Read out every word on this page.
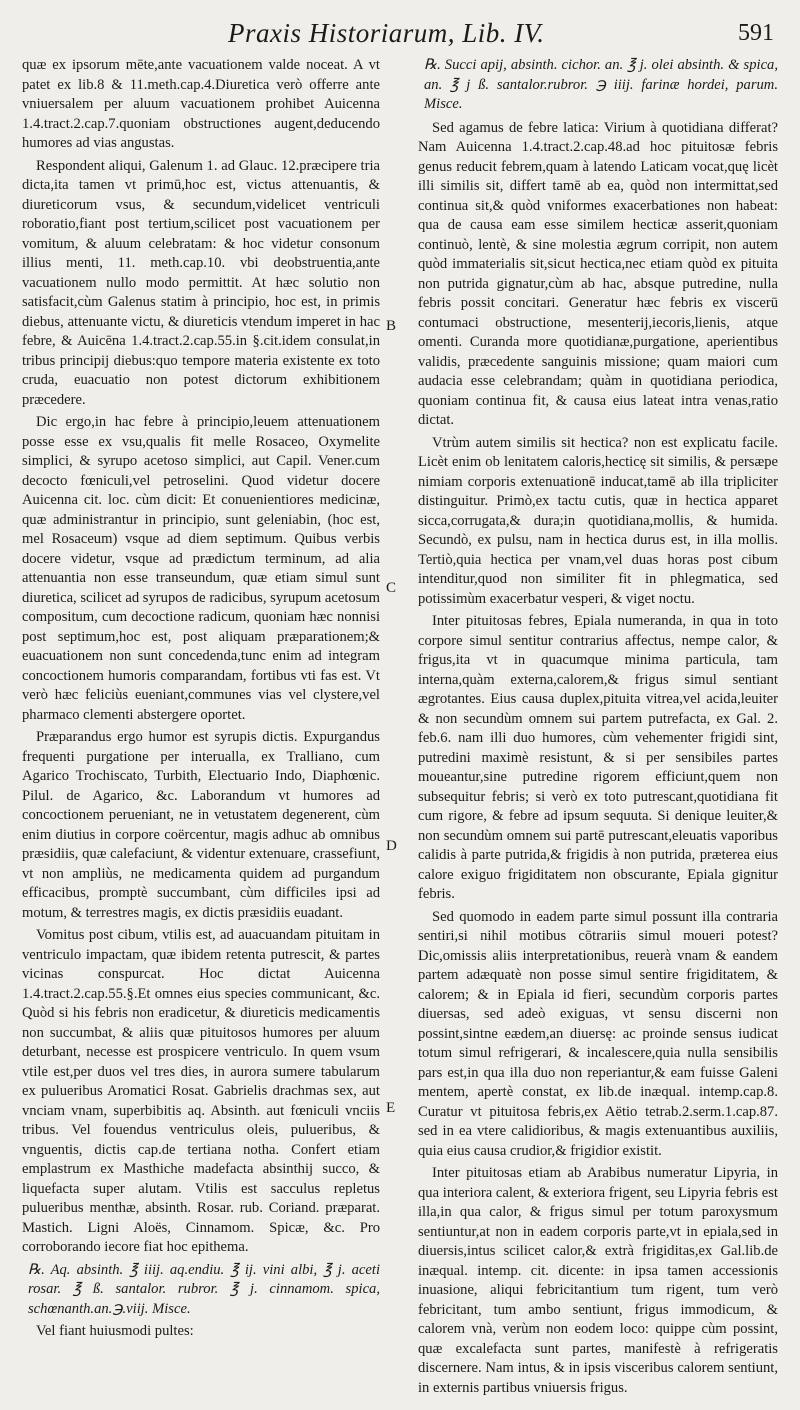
Praxis Historiarum, Lib. IV.	591

quæ ex ipsorum mēte,ante vacuationem valde noceat. A vt patet ex lib.8 & 11.meth.cap.4.Diuretica verò offerre ante vniuersalem per aluum vacuationem prohibet Auicenna 1.4.tract.2.cap.7.quoniam obstructiones augent,deducendo humores ad vias angustas.

Respondent aliqui, Galenum 1. ad Glauc. 12.præcipere tria dicta,ita tamen vt primū,hoc est, victus attenuantis, & diureticorum vsus, & secundum,videlicet ventriculi roboratio,fiant post tertium,scilicet post vacuationem per vomitum, & aluum celebratam: & hoc videtur consonum illius menti, 11. meth.cap.10. vbi deobstruentia,ante vacuationem nullo modo permittit. At hæc solutio non satisfacit,cùm Galenus statim à principio, hoc est, in primis diebus, attenuante victu, & diureticis vtendum imperet in hac febre, & Auicēna 1.4.tract.2.cap.55.in §.cit.idem consulat,in tribus principij diebus:quo tempore materia existente ex toto cruda, euacuatio non potest dictorum exhibitionem præcedere.

Dic ergo,in hac febre à principio,leuem attenuationem posse esse ex vsu,qualis fit melle Rosaceo, Oxymelite simplici, & syrupo acetoso simplici, aut Capil. Vener.cum decocto fœniculi,vel petroselini. Quod videtur docere Auicenna cit. loc. cùm dicit: Et conuenientiores medicinæ, quæ administrantur in principio, sunt geleniabin, (hoc est, mel Rosaceum) vsque ad diem septimum. Quibus verbis docere videtur, vsque ad prædictum terminum, ad alia attenuantia non esse transeundum, quæ etiam simul sunt diuretica, scilicet ad syrupos de radicibus, syrupum acetosum compositum, cum decoctione radicum, quoniam hæc nonnisi post septimum,hoc est, post aliquam præparationem;& euacuationem non sunt concedenda,tunc enim ad integram concoctionem humoris comparandam, fortibus vti fas est. Vt verò hæc feliciùs eueniant,communes vias vel clystere,vel pharmaco clementi abstergere oportet.

Præparandus ergo humor est syrupis dictis. Expurgandus frequenti purgatione per interualla, ex Tralliano, cum Agarico Trochiscato, Turbith, Electuario Indo, Diaphœnic. Pilul. de Agarico, &c. Laborandum vt humores ad concoctionem perueniant, ne in vetustatem degenerent, cùm enim diutius in corpore coërcentur, magis adhuc ab omnibus præsidiis, quæ calefaciunt, & videntur extenuare, crassefiunt, vt non ampliùs, ne medicamenta quidem ad purgandum efficacibus, promptè succumbant, cùm difficiles ipsi ad motum, & terrestres magis, ex dictis præsidiis euadant.

Vomitus post cibum, vtilis est, ad auacuandam pituitam in ventriculo impactam, quæ ibidem retenta putrescit, & partes vicinas conspurcat. Hoc dictat Auicenna 1.4.tract.2.cap.55.§.Et omnes eius species communicant, &c. Quòd si his febris non eradicetur, & diureticis medicamentis non succumbat, & aliis quæ pituitosos humores per aluum deturbant, necesse est prospicere ventriculo. In quem vsum vtile est,per duos vel tres dies, in aurora sumere tabularum ex pulueribus Aromatici Rosat. Gabrielis drachmas sex, aut vnciam vnam, superbibitis aq. Absinth. aut fœniculi vnciis tribus. Vel fouendus ventriculus oleis, pulueribus, & vnguentis, dictis cap.de tertiana notha. Confert etiam emplastrum ex Masthiche madefacta absinthij succo, & liquefacta super alutam. Vtilis est sacculus repletus pulueribus menthæ, absinth. Rosar. rub. Coriand. præparat. Mastich. Ligni Aloës, Cinnamom. Spicæ, &c. Pro corroborando iecore fiat hoc epithema.

℞. Aq. absinth. ℥ iiij. aq.endiu. ℥ ij. vini albi, ℥ j. aceti rosar. ℥ ß. santalor. rubror. ℥ j. cinnamom. spica, schœnanth.an.℈.viij. Misce.

Vel fiant huiusmodi pultes:

B
C
D
E

℞. Succi apij, absinth. cichor. an. ℥ j. olei absinth. & spica, an. ℥ j ß. santalor.rubror. ℈ iiij. farinæ hordei, parum. Misce.

Sed agamus de febre latica: Virium à quotidiana differat? Nam Auicenna 1.4.tract.2.cap.48.ad hoc pituitosæ febris genus reducit febrem,quam à latendo Laticam vocat,quę licèt illi similis sit, differt tamē ab ea, quòd non intermittat,sed continua sit,& quòd vniformes exacerbationes non habeat: qua de causa eam esse similem hecticæ asserit,quoniam continuò, lentè, & sine molestia ægrum corripit, non autem quòd immaterialis sit,sicut hectica,nec etiam quòd ex pituita non putrida gignatur,cùm ab hac, absque putredine, nulla febris possit concitari. Generatur hæc febris ex viscerū contumaci obstructione, mesenterij,iecoris,lienis, atque omenti. Curanda more quotidianæ,purgatione, aperientibus validis, præcedente sanguinis missione; quam maiori cum audacia esse celebrandam; quàm in quotidiana periodica, quoniam continua fit, & causa eius lateat intra venas,ratio dictat.

Vtrùm autem similis sit hectica? non est explicatu facile. Licèt enim ob lenitatem caloris,hecticę sit similis, & persæpe nimiam corporis extenuationē inducat,tamē ab illa tripliciter distinguitur. Primò,ex tactu cutis, quæ in hectica apparet sicca,corrugata,& dura;in quotidiana,mollis, & humida. Secundò, ex pulsu, nam in hectica durus est, in illa mollis. Tertiò,quia hectica per vnam,vel duas horas post cibum intenditur,quod non similiter fit in phlegmatica, sed potissimùm exacerbatur vesperi, & viget noctu.

Inter pituitosas febres, Epiala numeranda, in qua in toto corpore simul sentitur contrarius affectus, nempe calor, & frigus,ita vt in quacumque minima particula, tam interna,quàm externa,calorem,& frigus simul sentiant ægrotantes. Eius causa duplex,pituita vitrea,vel acida,leuiter & non secundùm omnem sui partem putrefacta, ex Gal. 2. feb.6. nam illi duo humores, cùm vehementer frigidi sint, putredini maximè resistunt, & si per sensibiles partes moueantur,sine putredine rigorem efficiunt,quem non subsequitur febris; si verò ex toto putrescant,quotidiana fit cum rigore, & febre ad ipsum sequuta. Si denique leuiter,& non secundùm omnem sui partē putrescant,eleuatis vaporibus calidis à parte putrida,& frigidis à non putrida, præterea eius calore exiguo frigiditatem non obscurante, Epiala gignitur febris.

Sed quomodo in eadem parte simul possunt illa contraria sentiri,si nihil motibus cōtrariis simul moueri potest? Dic,omissis aliis interpretationibus, reuerà vnam & eandem partem adæquatè non posse simul sentire frigiditatem, & calorem; & in Epiala id fieri, secundùm corporis partes diuersas, sed adeò exiguas, vt sensu discerni non possint,sintne eædem,an diuersę: ac proinde sensus iudicat totum simul refrigerari, & incalescere,quia nulla sensibilis pars est,in qua illa duo non reperiantur,& eam fuisse Galeni mentem, apertè constat, ex lib.de inæqual. intemp.cap.8. Curatur vt pituitosa febris,ex Aëtio tetrab.2.serm.1.cap.87. sed in ea vtere calidioribus, & magis extenuantibus auxiliis, quia eius causa crudior,& frigidior existit.

Inter pituitosas etiam ab Arabibus numeratur Lipyria, in qua interiora calent, & exteriora frigent, seu Lipyria febris est illa,in qua calor, & frigus simul per totum paroxysmum sentiuntur,at non in eadem corporis parte,vt in epiala,sed in diuersis,intus scilicet calor,& extrà frigiditas,ex Gal.lib.de inæqual. intemp. cit. dicente: in ipsa tamen accessionis inuasione, aliqui febricitantium tum rigent, tum verò febricitant, tum ambo sentiunt, frigus immodicum, & calorem vnà, verùm non eodem loco: quippe cùm possint, quæ excalefacta sunt partes, manifestè à refrigeratis discernere. Nam intus, & in ipsis visceribus calorem sentiunt, in externis partibus vniuersis frigus.
